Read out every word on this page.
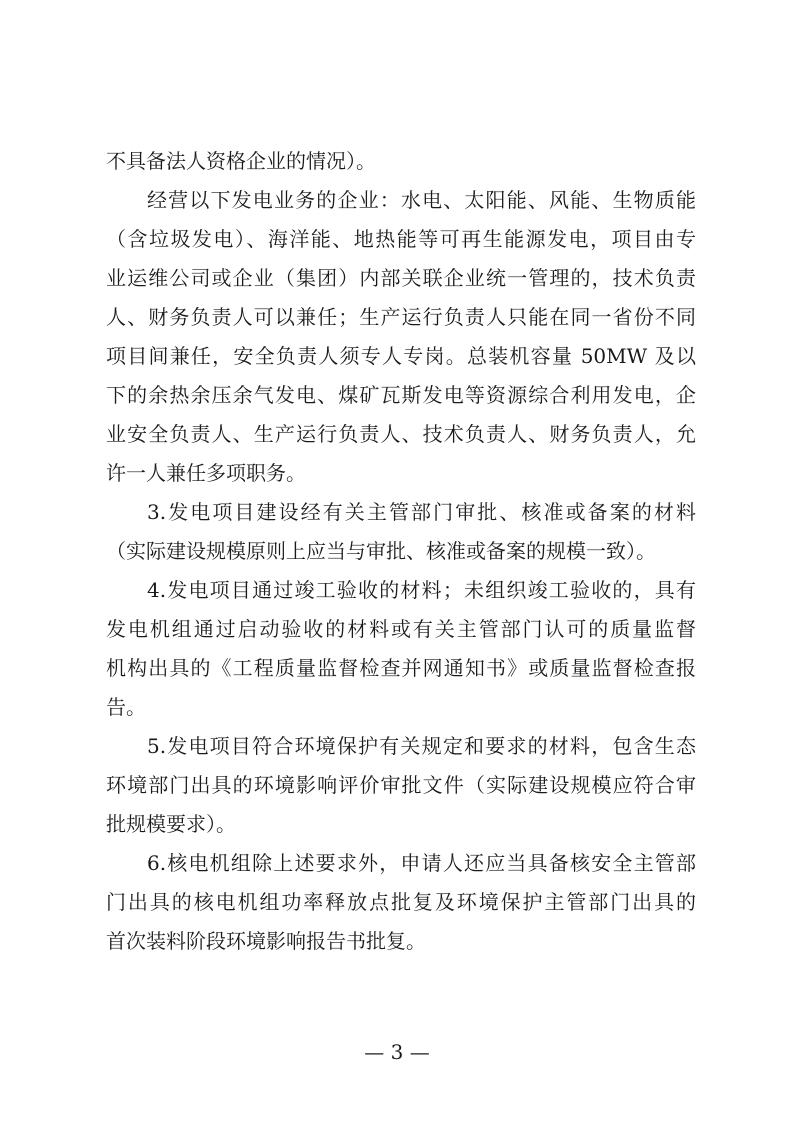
不具备法人资格企业的情况）。
经营以下发电业务的企业：水电、太阳能、风能、生物质能
（含垃圾发电）、海洋能、地热能等可再生能源发电，项目由专
业运维公司或企业（集团）内部关联企业统一管理的，技术负责
人、财务负责人可以兼任；生产运行负责人只能在同一省份不同
项目间兼任，安全负责人须专人专岗。总装机容量 50MW 及以
下的余热余压余气发电、煤矿瓦斯发电等资源综合利用发电，企
业安全负责人、生产运行负责人、技术负责人、财务负责人，允
许一人兼任多项职务。
3.发电项目建设经有关主管部门审批、核准或备案的材料
（实际建设规模原则上应当与审批、核准或备案的规模一致）。
4.发电项目通过竣工验收的材料；未组织竣工验收的，具有
发电机组通过启动验收的材料或有关主管部门认可的质量监督
机构出具的《工程质量监督检查并网通知书》或质量监督检查报
告。
5.发电项目符合环境保护有关规定和要求的材料，包含生态
环境部门出具的环境影响评价审批文件（实际建设规模应符合审
批规模要求）。
6.核电机组除上述要求外，申请人还应当具备核安全主管部
门出具的核电机组功率释放点批复及环境保护主管部门出具的
首次装料阶段环境影响报告书批复。
— 3 —
